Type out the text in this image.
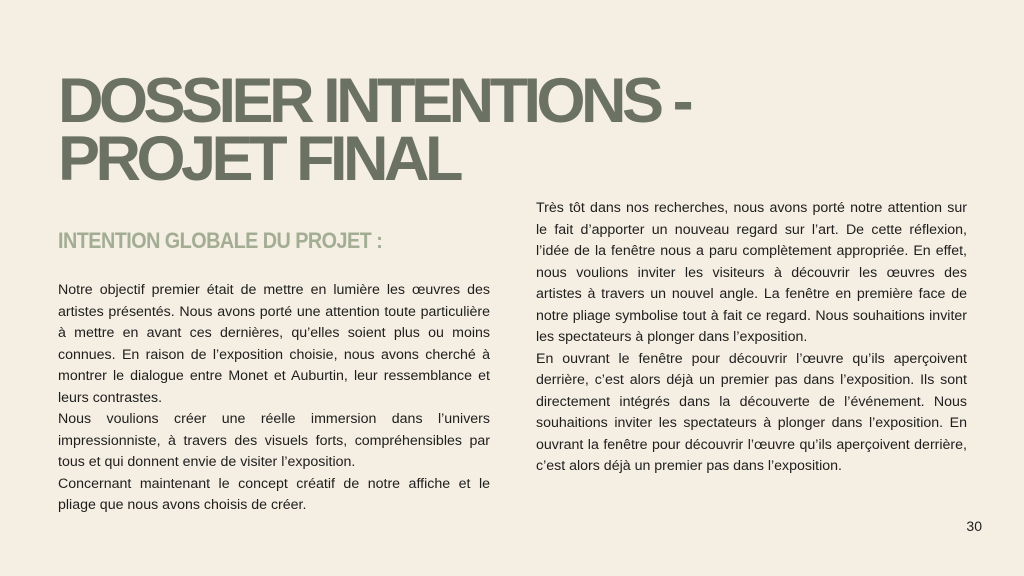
DOSSIER INTENTIONS -
PROJET FINAL
INTENTION GLOBALE DU PROJET :

Notre objectif premier était de mettre en lumière les œuvres des artistes présentés. Nous avons porté une attention toute particulière à mettre en avant ces dernières, qu’elles soient plus ou moins connues. En raison de l’exposition choisie, nous avons cherché à montrer le dialogue entre Monet et Auburtin, leur ressemblance et leurs contrastes.

Nous voulions créer une réelle immersion dans l’univers impressionniste, à travers des visuels forts, compréhensibles par tous et qui donnent envie de visiter l’exposition.

Concernant maintenant le concept créatif de notre affiche et le pliage que nous avons choisis de créer.

Très tôt dans nos recherches, nous avons porté notre attention sur le fait d’apporter un nouveau regard sur l’art. De cette réflexion, l’idée de la fenêtre nous a paru complètement appropriée. En effet, nous voulions inviter les visiteurs à découvrir les œuvres des artistes à travers un nouvel angle. La fenêtre en première face de notre pliage symbolise tout à fait ce regard. Nous souhaitions inviter les spectateurs à plonger dans l’exposition.

En ouvrant le fenêtre pour découvrir l’œuvre qu’ils aperçoivent derrière, c’est alors déjà un premier pas dans l’exposition. Ils sont directement intégrés dans la découverte de l’événement. Nous souhaitions inviter les spectateurs à plonger dans l’exposition. En ouvrant la fenêtre pour découvrir l’œuvre qu’ils aperçoivent derrière, c’est alors déjà un premier pas dans l’exposition.

30
